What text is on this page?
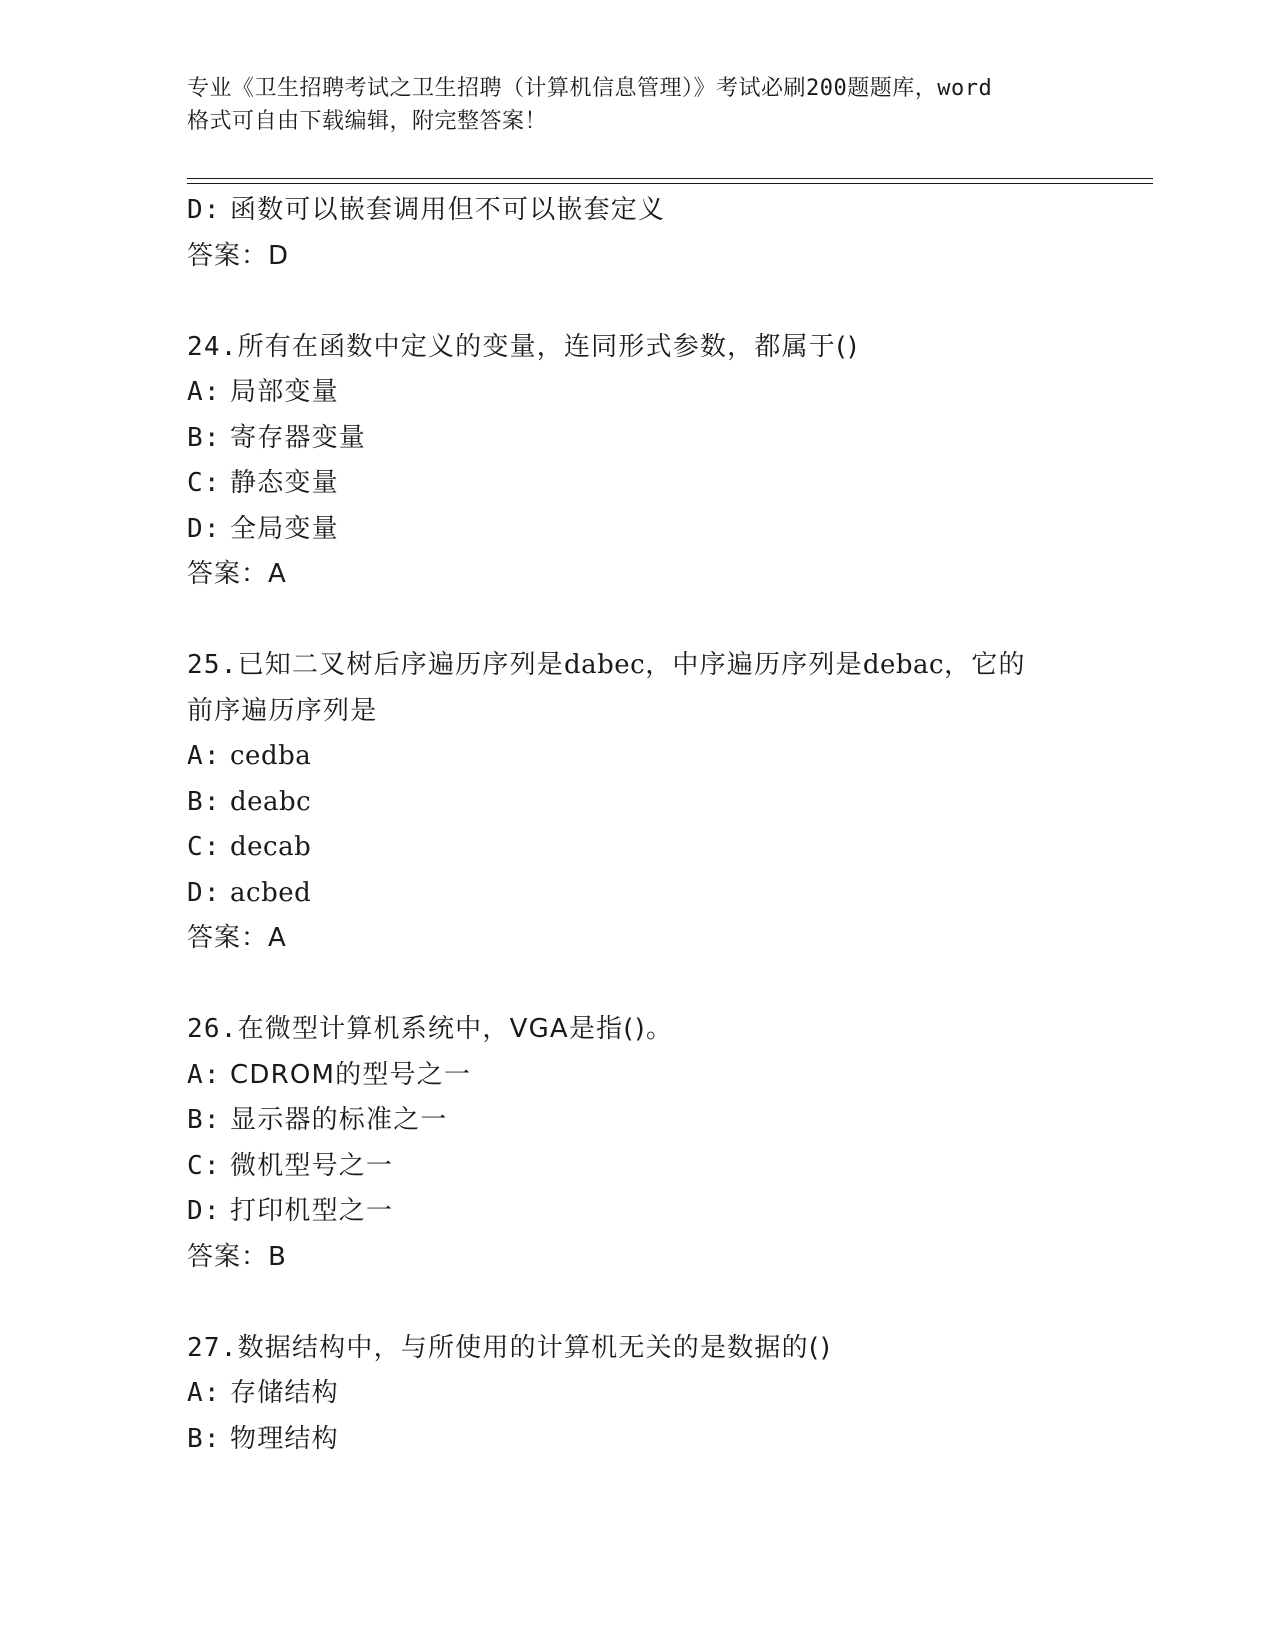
专业《卫生招聘考试之卫生招聘（计算机信息管理）》考试必刷200题题库，word
格式可自由下载编辑，附完整答案！
D: 函数可以嵌套调用但不可以嵌套定义
答案：D
24.所有在函数中定义的变量，连同形式参数，都属于()
A: 局部变量
B: 寄存器变量
C: 静态变量
D: 全局变量
答案：A
25.已知二叉树后序遍历序列是dabec，中序遍历序列是debac，它的
前序遍历序列是
A: cedba
B: deabc
C: decab
D: acbed
答案：A
26.在微型计算机系统中，VGA是指()。
A: CDROM的型号之一
B: 显示器的标准之一
C: 微机型号之一
D: 打印机型之一
答案：B
27.数据结构中，与所使用的计算机无关的是数据的()
A: 存储结构
B: 物理结构
